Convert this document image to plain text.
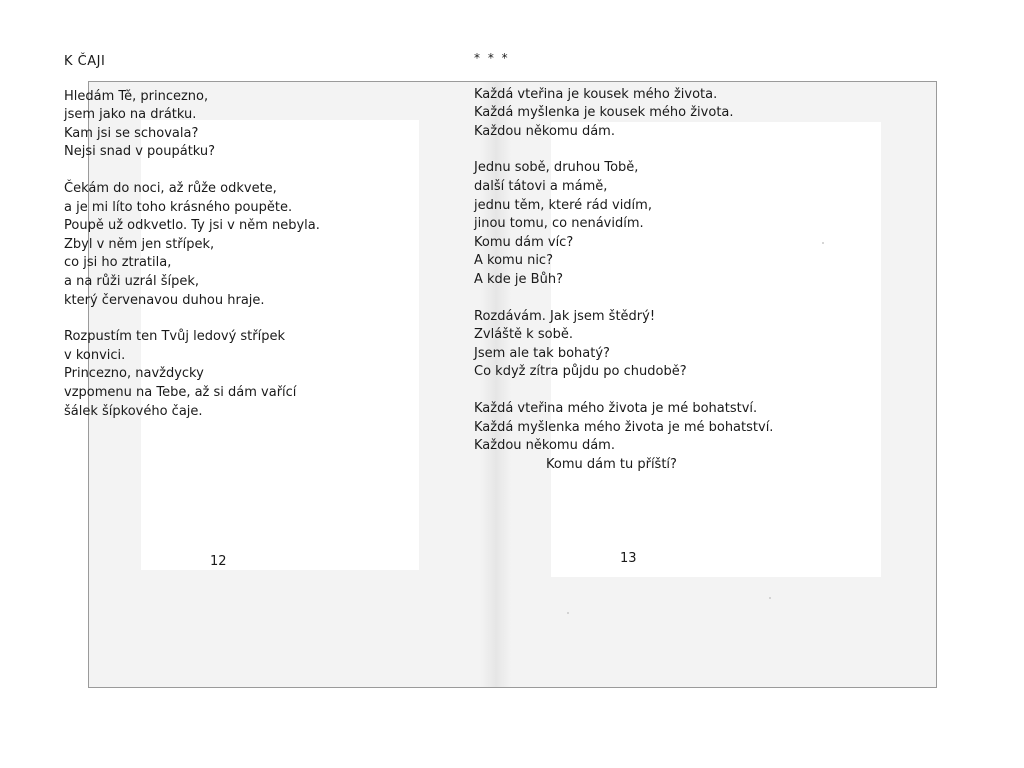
K ČAJI
Hledám Tě, princezno,
jsem jako na drátku.
Kam jsi se schovala?
Nejsi snad v poupátku?
Čekám do noci, až růže odkvete,
a je mi líto toho krásného poupěte.
Poupě už odkvetlo. Ty jsi v něm nebyla.
Zbyl v něm jen střípek,
co jsi ho ztratila,
a na růži uzrál šípek,
který červenavou duhou hraje.
Rozpustím ten Tvůj ledový střípek
v konvici.
Princezno, navždycky
vzpomenu na Tebe, až si dám vařící
šálek šípkového čaje.
12
* * *
Každá vteřina je kousek mého života.
Každá myšlenka je kousek mého života.
Každou někomu dám.
Jednu sobě, druhou Tobě,
další tátovi a mámě,
jednu těm, které rád vidím,
jinou tomu, co nenávidím.
Komu dám víc?
A komu nic?
A kde je Bůh?
Rozdávám. Jak jsem štědrý!
Zvláště k sobě.
Jsem ale tak bohatý?
Co když zítra půjdu po chudobě?
Každá vteřina mého života je mé bohatství.
Každá myšlenka mého života je mé bohatství.
Každou někomu dám.
Komu dám tu příští?
13
